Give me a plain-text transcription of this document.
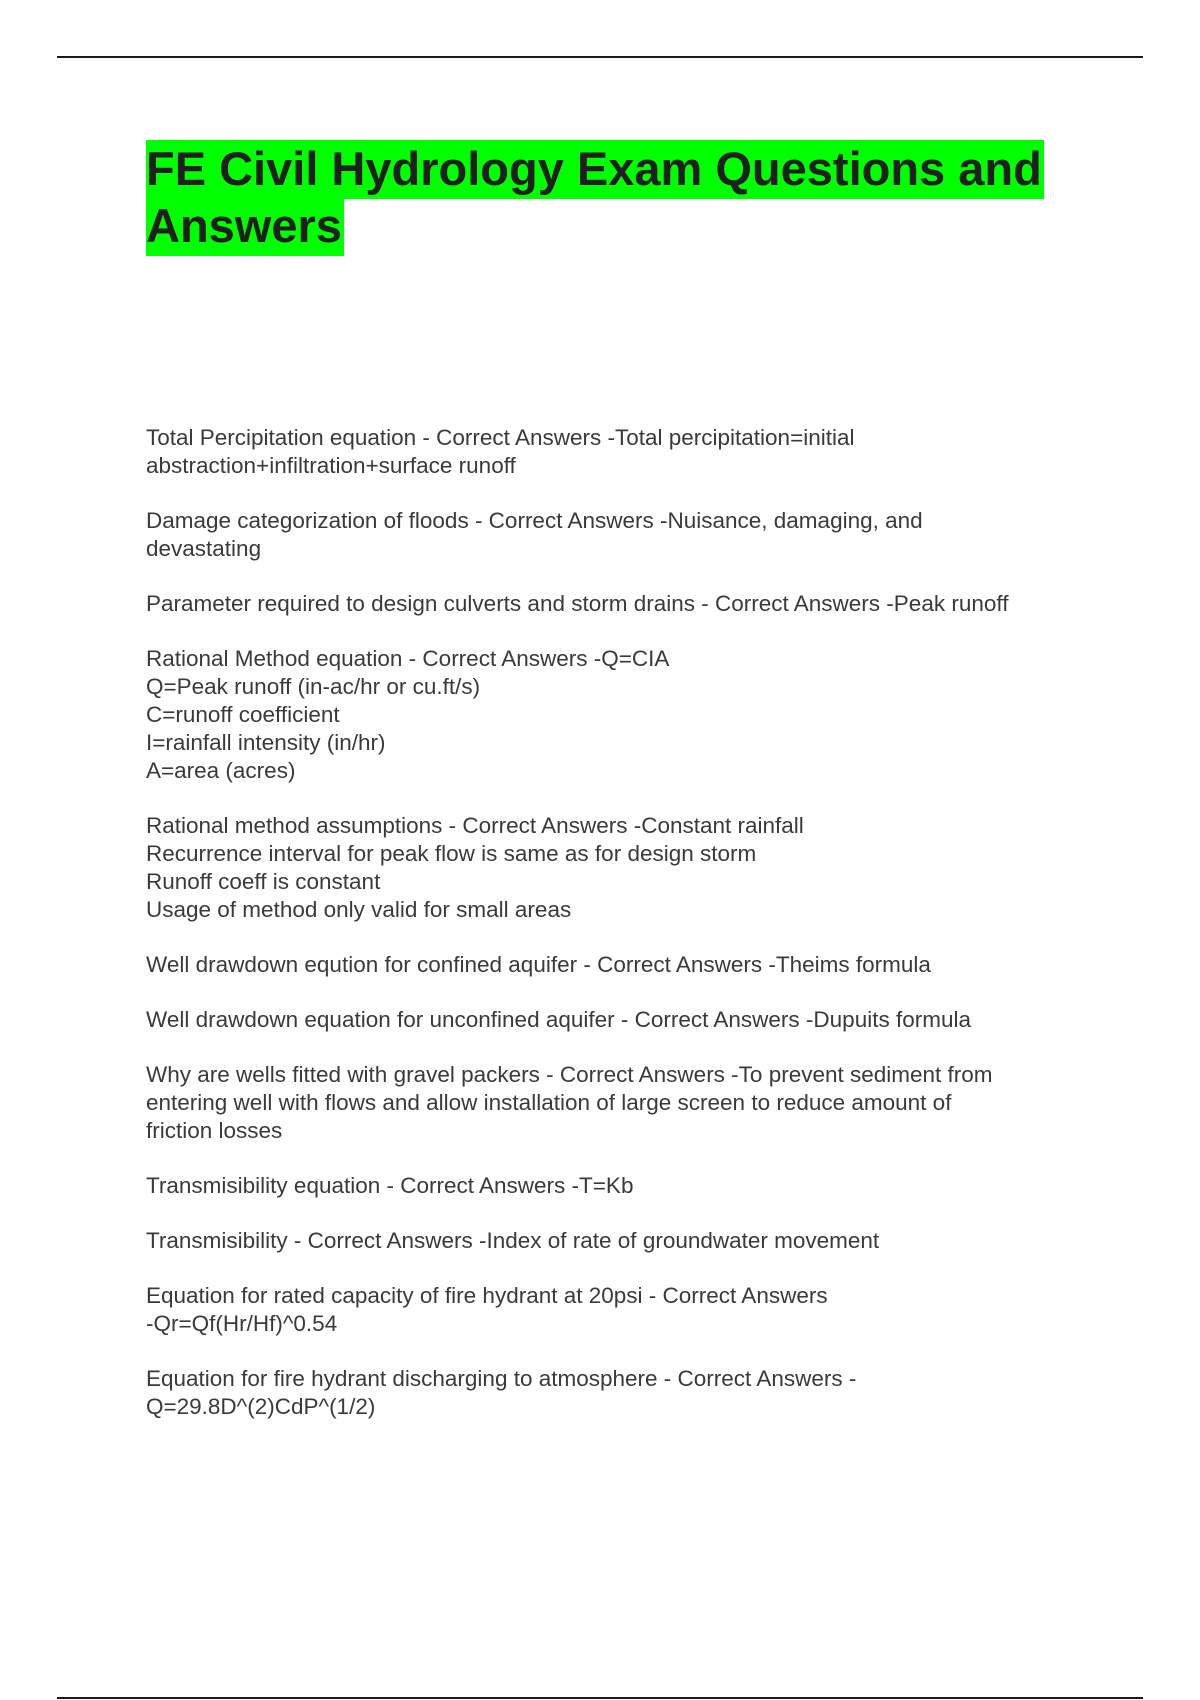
FE Civil Hydrology Exam Questions and Answers
Total Percipitation equation - Correct Answers -Total percipitation=initial
abstraction+infiltration+surface runoff
Damage categorization of floods - Correct Answers -Nuisance, damaging, and
devastating
Parameter required to design culverts and storm drains - Correct Answers -Peak runoff
Rational Method equation - Correct Answers -Q=CIA
Q=Peak runoff (in-ac/hr or cu.ft/s)
C=runoff coefficient
I=rainfall intensity (in/hr)
A=area (acres)
Rational method assumptions - Correct Answers -Constant rainfall
Recurrence interval for peak flow is same as for design storm
Runoff coeff is constant
Usage of method only valid for small areas
Well drawdown eqution for confined aquifer - Correct Answers -Theims formula
Well drawdown equation for unconfined aquifer - Correct Answers -Dupuits formula
Why are wells fitted with gravel packers - Correct Answers -To prevent sediment from
entering well with flows and allow installation of large screen to reduce amount of
friction losses
Transmisibility equation - Correct Answers -T=Kb
Transmisibility - Correct Answers -Index of rate of groundwater movement
Equation for rated capacity of fire hydrant at 20psi - Correct Answers
-Qr=Qf(Hr/Hf)^0.54
Equation for fire hydrant discharging to atmosphere - Correct Answers -
Q=29.8D^(2)CdP^(1/2)
